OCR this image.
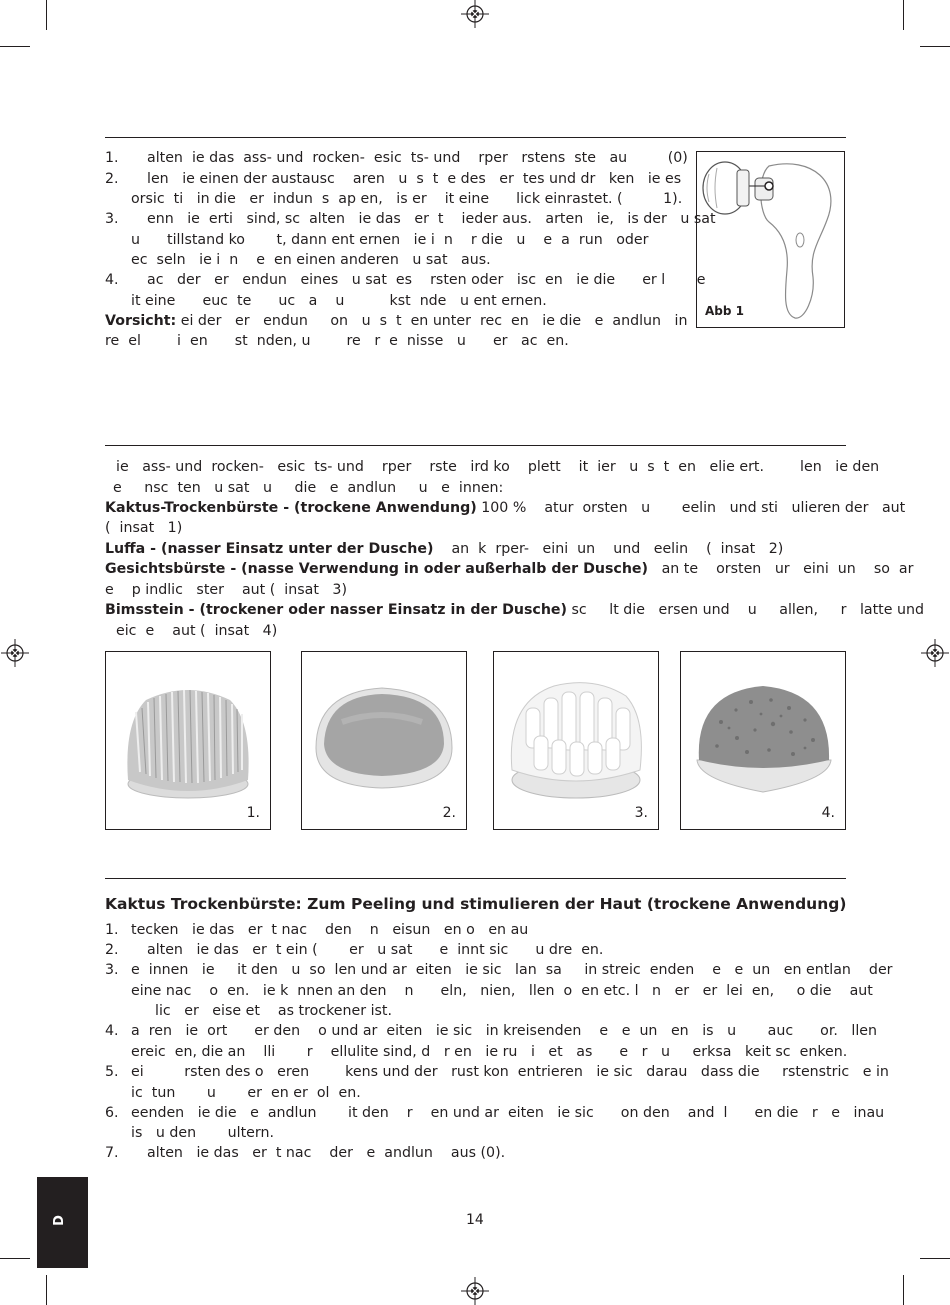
1. alten  ie das  ass- und  rocken-  esic  ts- und    rper   rstens  ste   au         (0)
2. len   ie einen der austausc    aren   u  s  t  e des   er  tes und dr   ken   ie es
orsic  ti   in die   er  indun  s  ap en,   is er    it eine      lick einrastet. (         1).
3. enn   ie  erti   sind, sc  alten   ie das   er  t    ieder aus.   arten   ie,   is der   u sat
u      tillstand ko       t, dann ent ernen   ie i  n    r die   u    e  a  run   oder
ec  seln   ie i  n    e  en einen anderen   u sat   aus.
4. ac   der   er   endun   eines   u sat  es    rsten oder   isc  en   ie die      er l       e
it eine      euc  te      uc   a    u          kst  nde   u ent ernen.
Vorsicht: ei der   er   endun     on   u  s  t  en unter  rec  en   ie die   e  andlun   in
re  el        i  en      st  nden, u        re   r  e  nisse   u      er   ac  en.
Abb 1
ie   ass- und  rocken-   esic  ts- und    rper    rste   ird ko    plett    it  ier   u  s  t  en   elie ert.        len   ie den
e     nsc  ten   u sat   u     die   e  andlun     u   e  innen:
Kaktus-Trockenbürste - (trockene Anwendung) 100 %    atur  orsten   u       eelin   und sti   ulieren der   aut
(  insat   1)
Luffa - (nasser Einsatz unter der Dusche)    an  k  rper-   eini  un    und   eelin    (  insat   2)
Gesichtsbürste - (nasse Verwendung in oder außerhalb der Dusche)   an te    orsten   ur   eini  un    so  ar
e    p indlic   ster    aut (  insat   3)
Bimsstein - (trockener oder nasser Einsatz in der Dusche) sc     lt die   ersen und    u     allen,     r   latte und
eic  e    aut (  insat   4)
1.	2.	3.	4.
Kaktus Trockenbürste: Zum Peeling und stimulieren der Haut (trockene Anwendung)
1. tecken   ie das   er  t nac    den    n   eisun   en o   en au
2. alten   ie das   er  t ein (       er   u sat      e  innt sic      u dre  en.
3. e  innen   ie     it den   u  so  len und ar  eiten   ie sic   lan  sa     in streic  enden    e   e  un   en entlan    der
eine nac    o  en.   ie k  nnen an den    n      eln,   nien,   llen  o  en etc. l   n   er   er  lei  en,     o die    aut
lic   er   eise et    as trockener ist.
4. a  ren   ie  ort      er den    o und ar  eiten   ie sic   in kreisenden    e   e  un   en   is   u       auc      or.   llen
ereic  en, die an    lli       r    ellulite sind, d   r en   ie ru   i   et   as      e   r   u     erksa   keit sc  enken.
5. ei         rsten des o   eren        kens und der   rust kon  entrieren   ie sic   darau   dass die     rstenstric   e in
ic  tun       u       er  en er  ol  en.
6. eenden   ie die   e  andlun       it den    r    en und ar  eiten   ie sic      on den    and  l      en die   r   e   inau
is   u den       ultern.
7. alten   ie das   er  t nac    der   e  andlun    aus (0).
D	14
